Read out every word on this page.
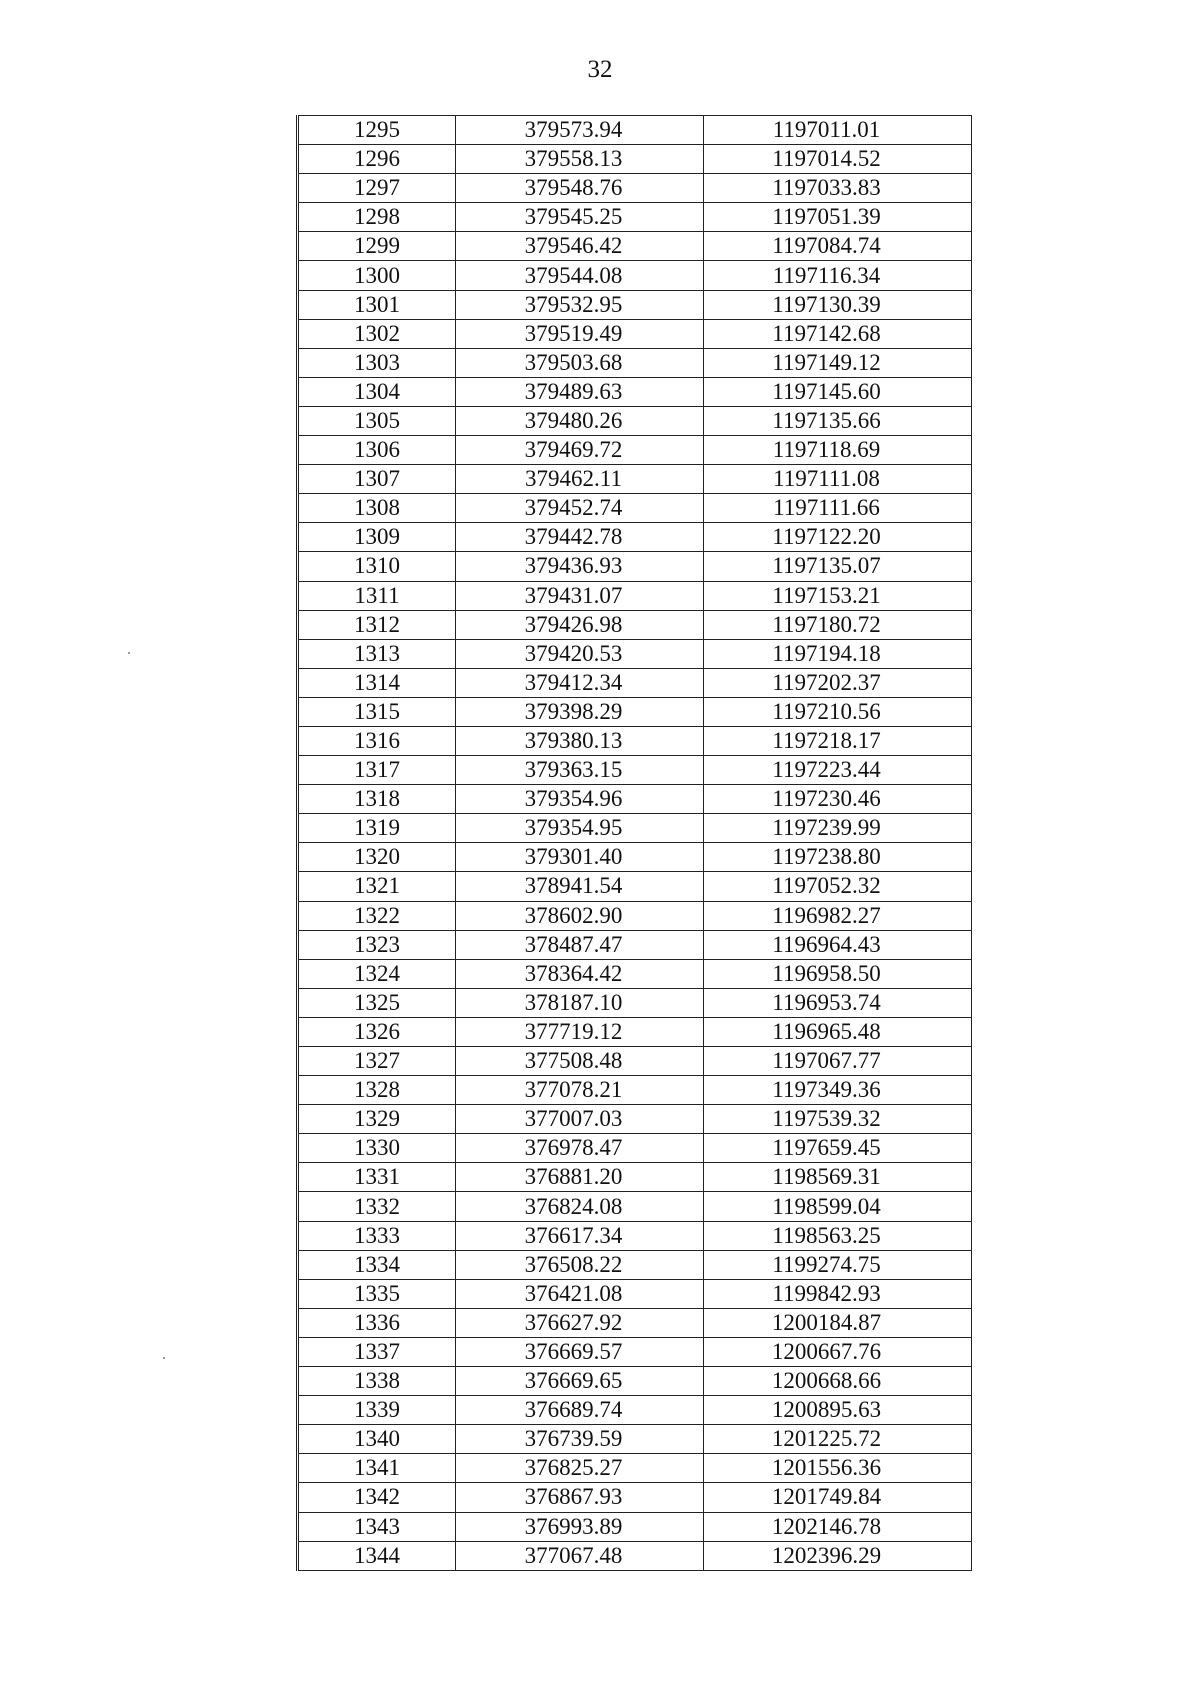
32
1295	379573.94	1197011.01
1296	379558.13	1197014.52
1297	379548.76	1197033.83
1298	379545.25	1197051.39
1299	379546.42	1197084.74
1300	379544.08	1197116.34
1301	379532.95	1197130.39
1302	379519.49	1197142.68
1303	379503.68	1197149.12
1304	379489.63	1197145.60
1305	379480.26	1197135.66
1306	379469.72	1197118.69
1307	379462.11	1197111.08
1308	379452.74	1197111.66
1309	379442.78	1197122.20
1310	379436.93	1197135.07
1311	379431.07	1197153.21
1312	379426.98	1197180.72
1313	379420.53	1197194.18
1314	379412.34	1197202.37
1315	379398.29	1197210.56
1316	379380.13	1197218.17
1317	379363.15	1197223.44
1318	379354.96	1197230.46
1319	379354.95	1197239.99
1320	379301.40	1197238.80
1321	378941.54	1197052.32
1322	378602.90	1196982.27
1323	378487.47	1196964.43
1324	378364.42	1196958.50
1325	378187.10	1196953.74
1326	377719.12	1196965.48
1327	377508.48	1197067.77
1328	377078.21	1197349.36
1329	377007.03	1197539.32
1330	376978.47	1197659.45
1331	376881.20	1198569.31
1332	376824.08	1198599.04
1333	376617.34	1198563.25
1334	376508.22	1199274.75
1335	376421.08	1199842.93
1336	376627.92	1200184.87
1337	376669.57	1200667.76
1338	376669.65	1200668.66
1339	376689.74	1200895.63
1340	376739.59	1201225.72
1341	376825.27	1201556.36
1342	376867.93	1201749.84
1343	376993.89	1202146.78
1344	377067.48	1202396.29
